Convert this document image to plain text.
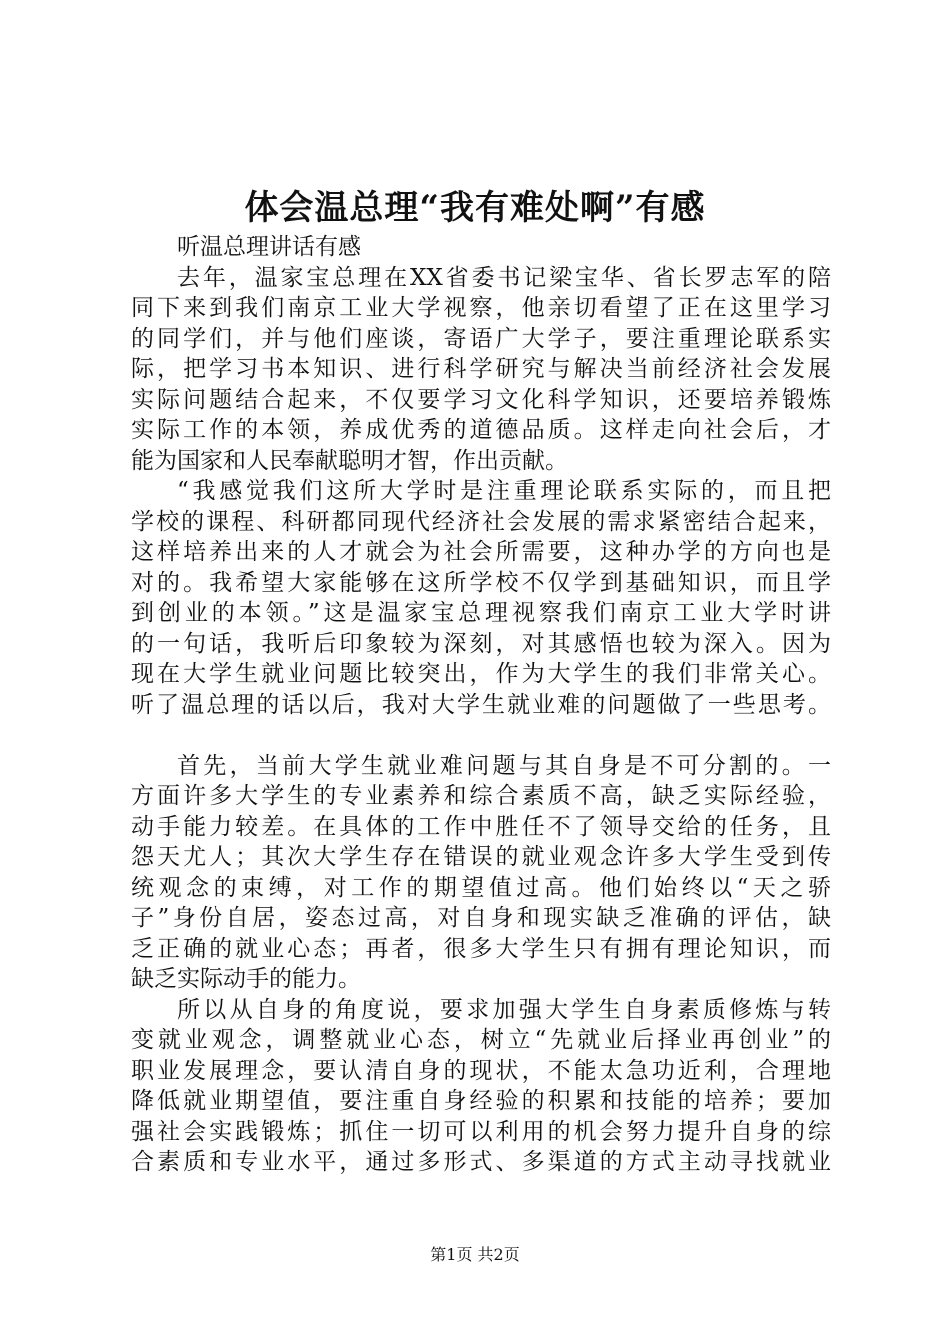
体会温总理“我有难处啊”有感
听温总理讲话有感
去年，温家宝总理在XX省委书记梁宝华、省长罗志军的陪
同下来到我们南京工业大学视察，他亲切看望了正在这里学习
的同学们，并与他们座谈，寄语广大学子，要注重理论联系实
际，把学习书本知识、进行科学研究与解决当前经济社会发展
实际问题结合起来，不仅要学习文化科学知识，还要培养锻炼
实际工作的本领，养成优秀的道德品质。这样走向社会后，才
能为国家和人民奉献聪明才智，作出贡献。
“我感觉我们这所大学时是注重理论联系实际的，而且把
学校的课程、科研都同现代经济社会发展的需求紧密结合起来，
这样培养出来的人才就会为社会所需要，这种办学的方向也是
对的。我希望大家能够在这所学校不仅学到基础知识，而且学
到创业的本领。”这是温家宝总理视察我们南京工业大学时讲
的一句话，我听后印象较为深刻，对其感悟也较为深入。因为
现在大学生就业问题比较突出，作为大学生的我们非常关心。
听了温总理的话以后，我对大学生就业难的问题做了一些思考。
首先，当前大学生就业难问题与其自身是不可分割的。一
方面许多大学生的专业素养和综合素质不高，缺乏实际经验，
动手能力较差。在具体的工作中胜任不了领导交给的任务，且
怨天尤人；其次大学生存在错误的就业观念许多大学生受到传
统观念的束缚，对工作的期望值过高。他们始终以“天之骄
子”身份自居，姿态过高，对自身和现实缺乏准确的评估，缺
乏正确的就业心态；再者，很多大学生只有拥有理论知识，而
缺乏实际动手的能力。
所以从自身的角度说，要求加强大学生自身素质修炼与转
变就业观念，调整就业心态，树立“先就业后择业再创业”的
职业发展理念，要认清自身的现状，不能太急功近利，合理地
降低就业期望值，要注重自身经验的积累和技能的培养；要加
强社会实践锻炼；抓住一切可以利用的机会努力提升自身的综
合素质和专业水平，通过多形式、多渠道的方式主动寻找就业
第1页 共2页
